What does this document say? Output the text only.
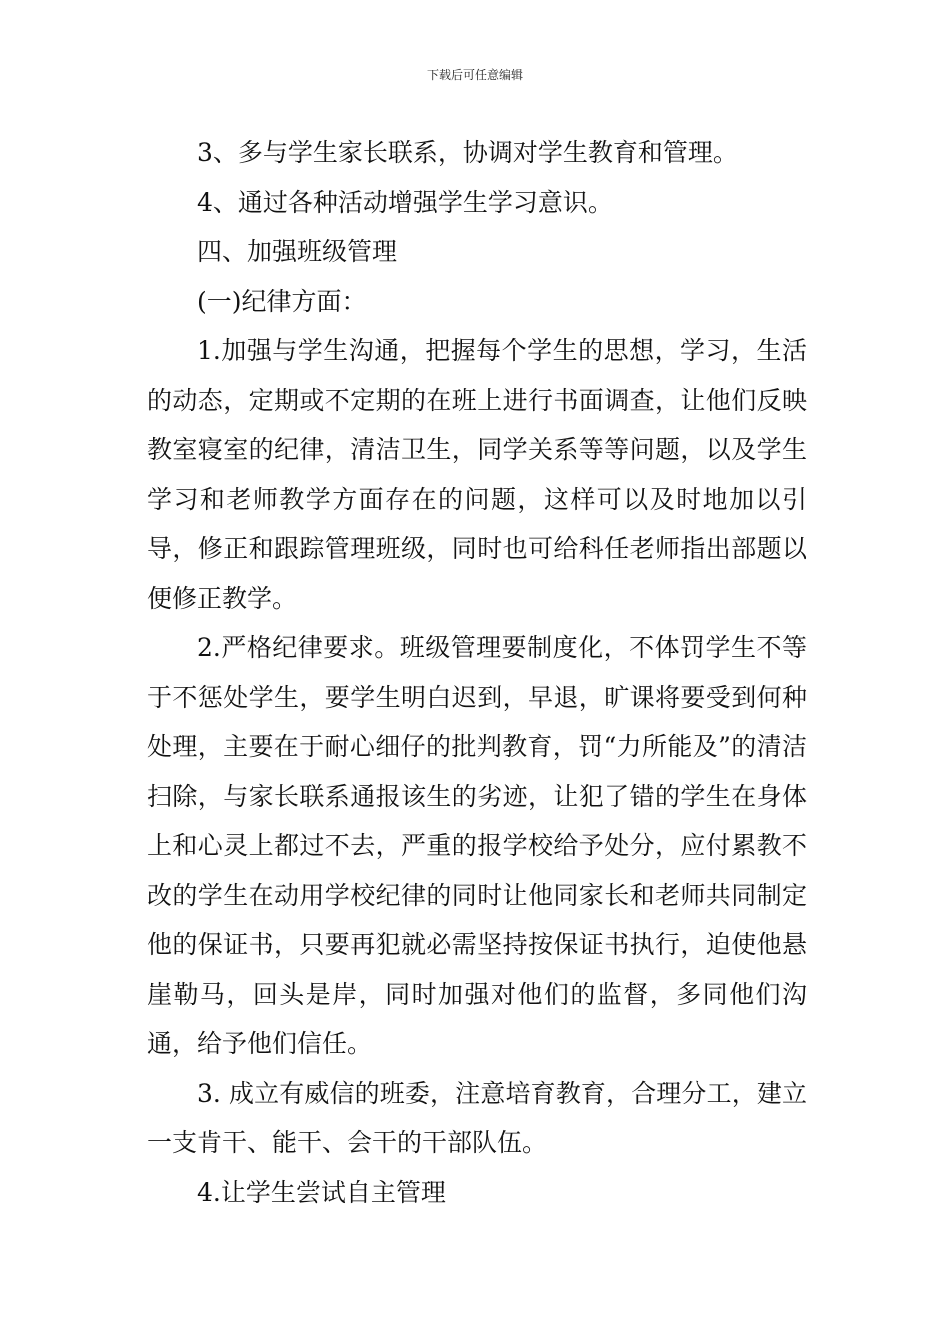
下载后可任意编辑

3、多与学生家长联系，协调对学生教育和管理。

4、通过各种活动增强学生学习意识。

四、加强班级管理

(一)纪律方面：

1.加强与学生沟通，把握每个学生的思想，学习，生活的动态，定期或不定期的在班上进行书面调查，让他们反映教室寝室的纪律，清洁卫生，同学关系等等问题，以及学生学习和老师教学方面存在的问题，这样可以及时地加以引导，修正和跟踪管理班级，同时也可给科任老师指出部题以便修正教学。

2.严格纪律要求。班级管理要制度化，不体罚学生不等于不惩处学生，要学生明白迟到，早退，旷课将要受到何种处理，主要在于耐心细仔的批判教育，罚“力所能及”的清洁扫除，与家长联系通报该生的劣迹，让犯了错的学生在身体上和心灵上都过不去，严重的报学校给予处分，应付累教不改的学生在动用学校纪律的同时让他同家长和老师共同制定他的保证书，只要再犯就必需坚持按保证书执行，迫使他悬崖勒马，回头是岸，同时加强对他们的监督，多同他们沟通，给予他们信任。

3. 成立有威信的班委，注意培育教育，合理分工，建立一支肯干、能干、会干的干部队伍。

4.让学生尝试自主管理
